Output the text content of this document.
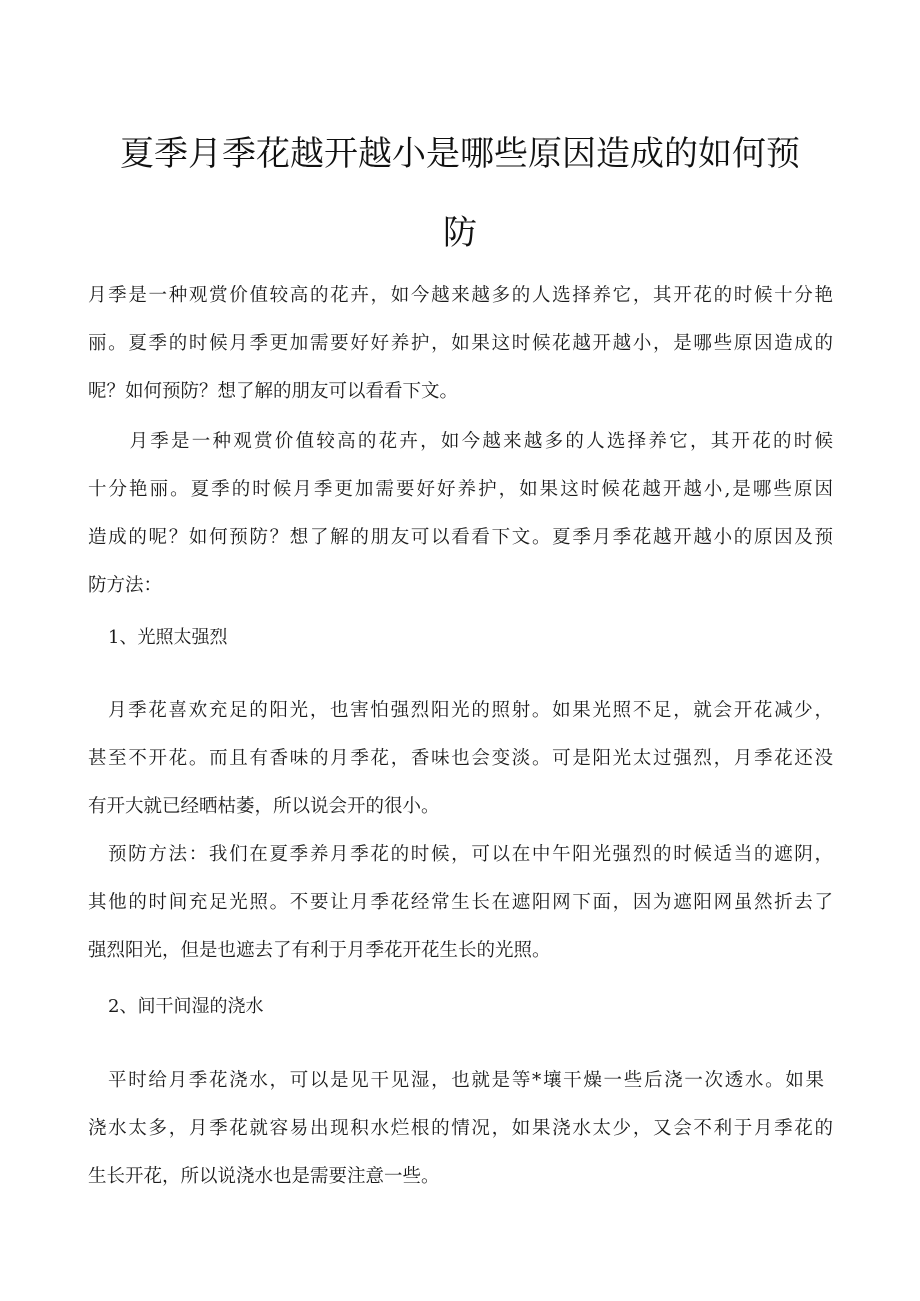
夏季月季花越开越小是哪些原因造成的如何预
防
月季是一种观赏价值较高的花卉，如今越来越多的人选择养它，其开花的时候十分艳
丽。夏季的时候月季更加需要好好养护，如果这时候花越开越小，是哪些原因造成的
呢？如何预防？想了解的朋友可以看看下文。
　　月季是一种观赏价值较高的花卉，如今越来越多的人选择养它，其开花的时候
十分艳丽。夏季的时候月季更加需要好好养护，如果这时候花越开越小,是哪些原因
造成的呢？如何预防？想了解的朋友可以看看下文。夏季月季花越开越小的原因及预
防方法：
1、光照太强烈
月季花喜欢充足的阳光，也害怕强烈阳光的照射。如果光照不足，就会开花减少，
甚至不开花。而且有香味的月季花，香味也会变淡。可是阳光太过强烈，月季花还没
有开大就已经晒枯萎，所以说会开的很小。
预防方法：我们在夏季养月季花的时候，可以在中午阳光强烈的时候适当的遮阴，
其他的时间充足光照。不要让月季花经常生长在遮阳网下面，因为遮阳网虽然折去了
强烈阳光，但是也遮去了有利于月季花开花生长的光照。
2、间干间湿的浇水
平时给月季花浇水，可以是见干见湿，也就是等*壤干燥一些后浇一次透水。如果
浇水太多，月季花就容易出现积水烂根的情况，如果浇水太少，又会不利于月季花的
生长开花，所以说浇水也是需要注意一些。
